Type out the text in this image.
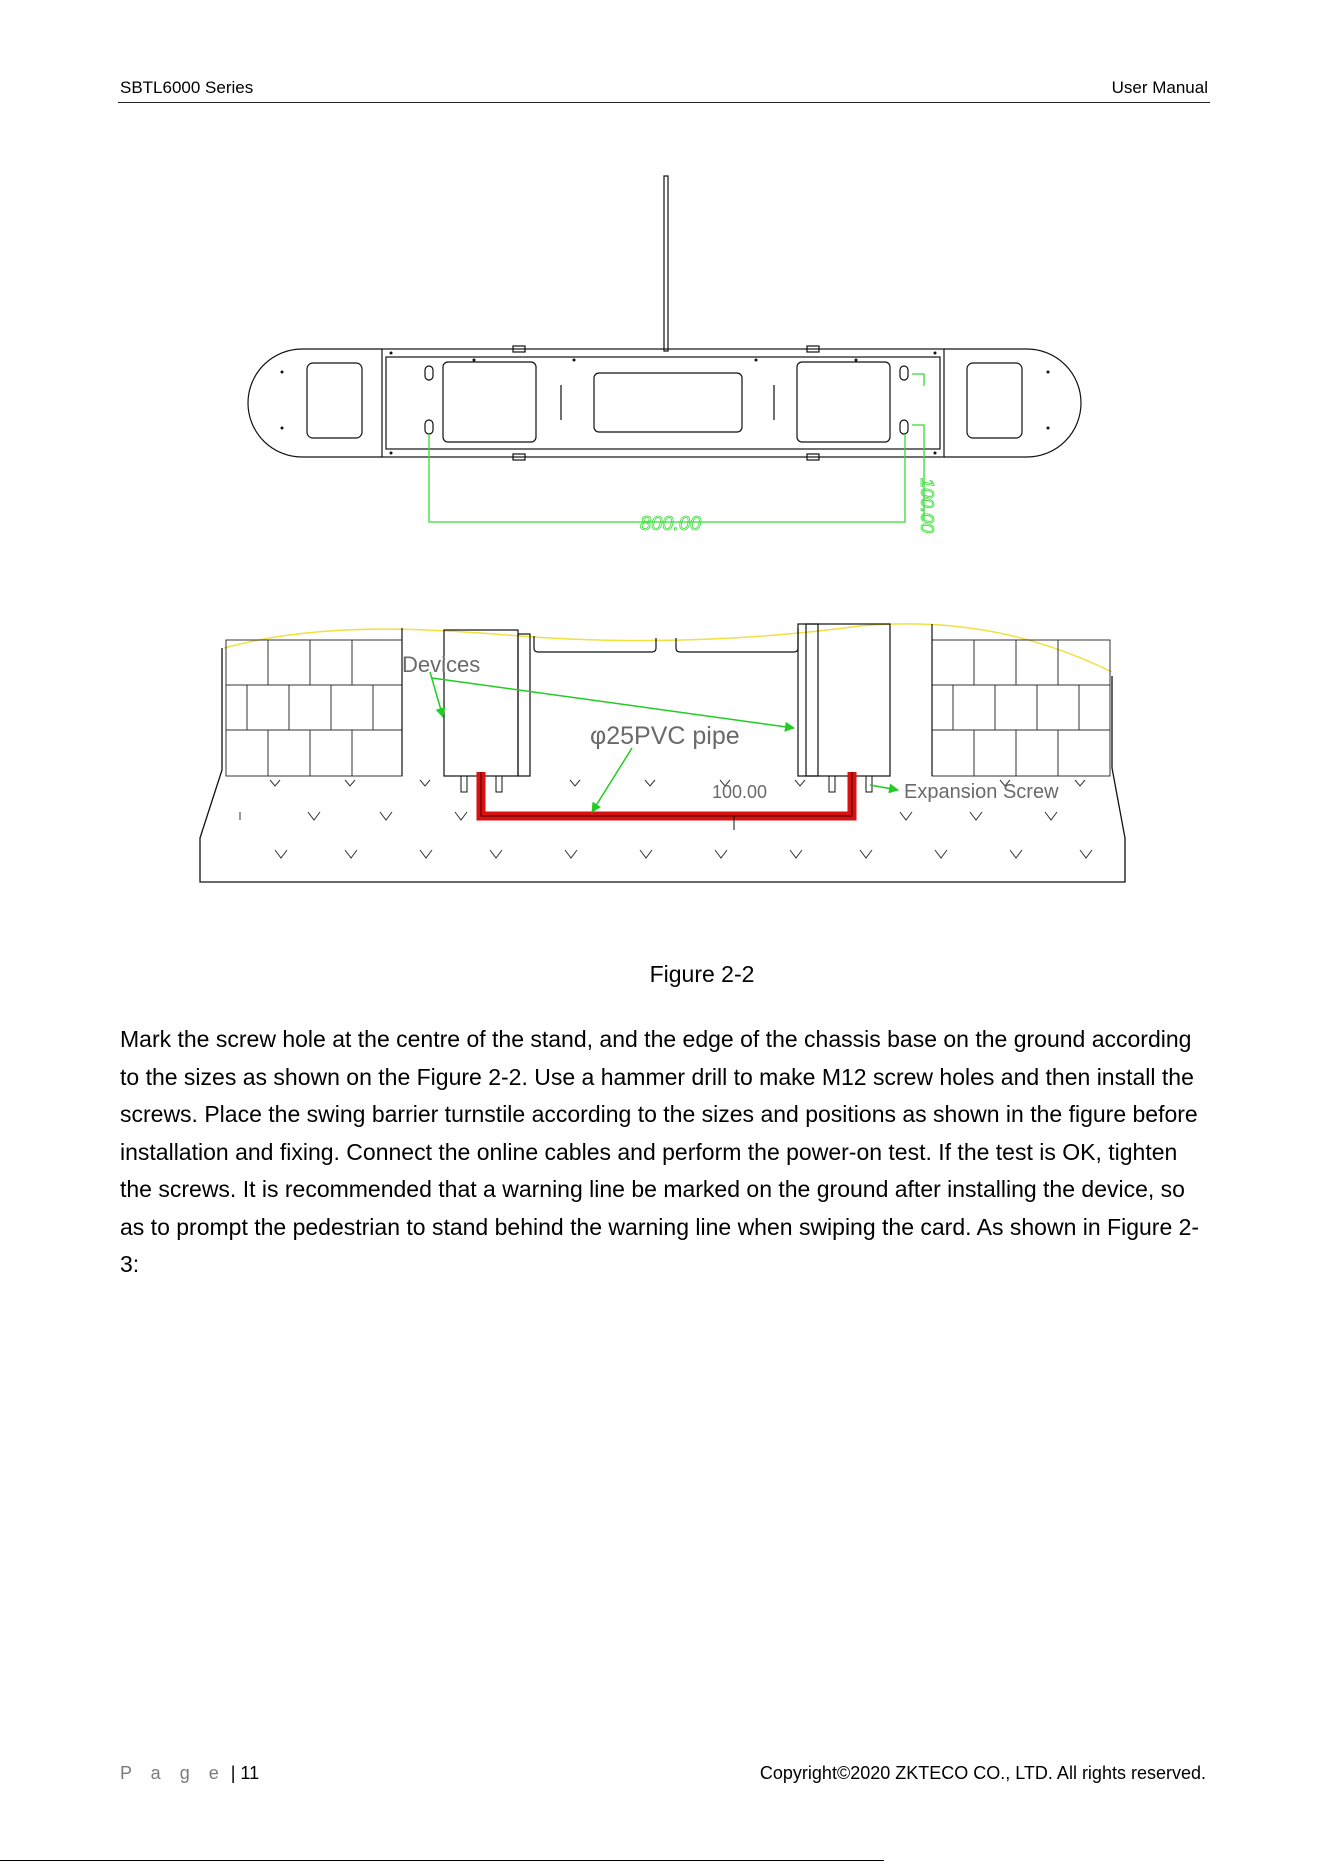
SBTL6000 Series	User Manual
800.00	100.00
Devices
φ25PVC pipe
100.00	Expansion Screw
Figure 2-2

Mark the screw hole at the centre of the stand, and the edge of the chassis base on the ground according to the sizes as shown on the Figure 2-2. Use a hammer drill to make M12 screw holes and then install the screws. Place the swing barrier turnstile according to the sizes and positions as shown in the figure before installation and fixing. Connect the online cables and perform the power-on test. If the test is OK, tighten the screws. It is recommended that a warning line be marked on the ground after installing the device, so as to prompt the pedestrian to stand behind the warning line when swiping the card. As shown in Figure 2-3:

P a g e | 11	Copyright©2020 ZKTECO CO., LTD. All rights reserved.
